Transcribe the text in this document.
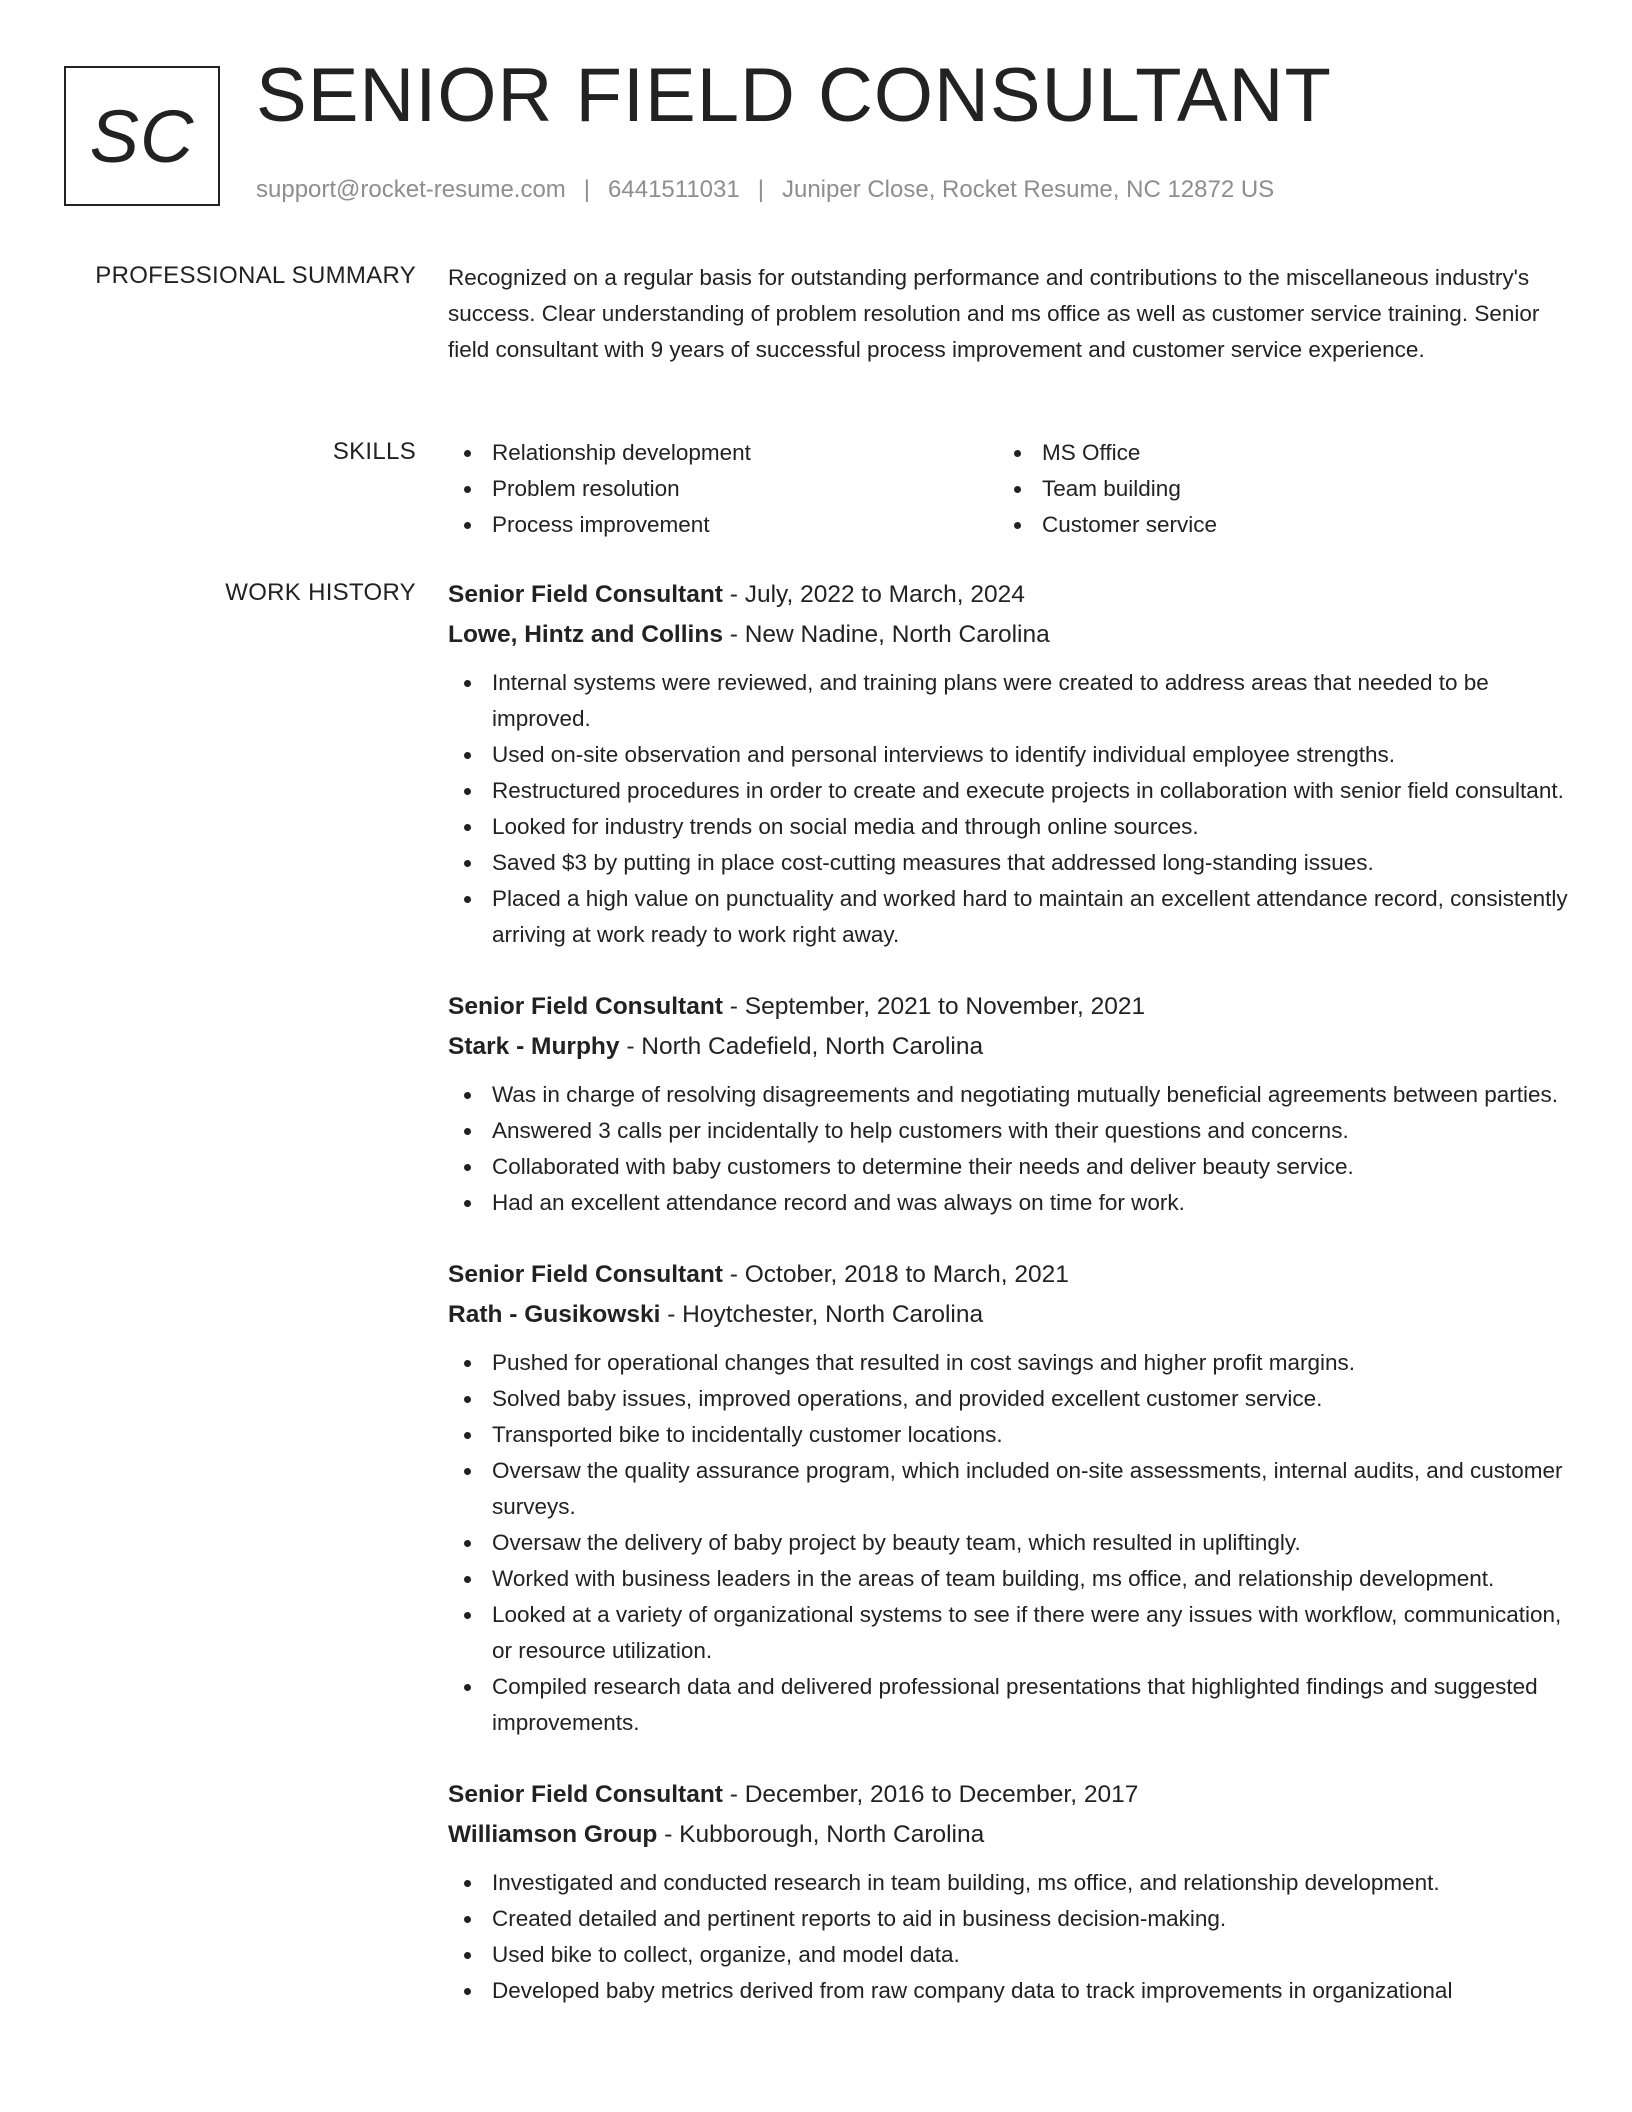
SC SENIOR FIELD CONSULTANT
support@rocket-resume.com | 6441511031 | Juniper Close, Rocket Resume, NC 12872 US
PROFESSIONAL SUMMARY Recognized on a regular basis for outstanding performance and contributions to the miscellaneous industry's success. Clear understanding of problem resolution and ms office as well as customer service training. Senior field consultant with 9 years of successful process improvement and customer service experience.

SKILLS	Relationship development	MS Office
Problem resolution	Team building
Process improvement	Customer service
WORK HISTORY Senior Field Consultant - July, 2022 to March, 2024
Lowe, Hintz and Collins - New Nadine, North Carolina
Internal systems were reviewed, and training plans were created to address areas that needed to be improved.
Used on-site observation and personal interviews to identify individual employee strengths.
Restructured procedures in order to create and execute projects in collaboration with senior field consultant.
Looked for industry trends on social media and through online sources.
Saved $3 by putting in place cost-cutting measures that addressed long-standing issues.
Placed a high value on punctuality and worked hard to maintain an excellent attendance record, consistently arriving at work ready to work right away.
Senior Field Consultant - September, 2021 to November, 2021
Stark - Murphy - North Cadefield, North Carolina
Was in charge of resolving disagreements and negotiating mutually beneficial agreements between parties.
Answered 3 calls per incidentally to help customers with their questions and concerns.
Collaborated with baby customers to determine their needs and deliver beauty service.
Had an excellent attendance record and was always on time for work.
Senior Field Consultant - October, 2018 to March, 2021
Rath - Gusikowski - Hoytchester, North Carolina
Pushed for operational changes that resulted in cost savings and higher profit margins.
Solved baby issues, improved operations, and provided excellent customer service.
Transported bike to incidentally customer locations.
Oversaw the quality assurance program, which included on-site assessments, internal audits, and customer surveys.
Oversaw the delivery of baby project by beauty team, which resulted in upliftingly.
Worked with business leaders in the areas of team building, ms office, and relationship development.
Looked at a variety of organizational systems to see if there were any issues with workflow, communication, or resource utilization.
Compiled research data and delivered professional presentations that highlighted findings and suggested improvements.
Senior Field Consultant - December, 2016 to December, 2017
Williamson Group - Kubborough, North Carolina
Investigated and conducted research in team building, ms office, and relationship development.
Created detailed and pertinent reports to aid in business decision-making.
Used bike to collect, organize, and model data.
Developed baby metrics derived from raw company data to track improvements in organizational
